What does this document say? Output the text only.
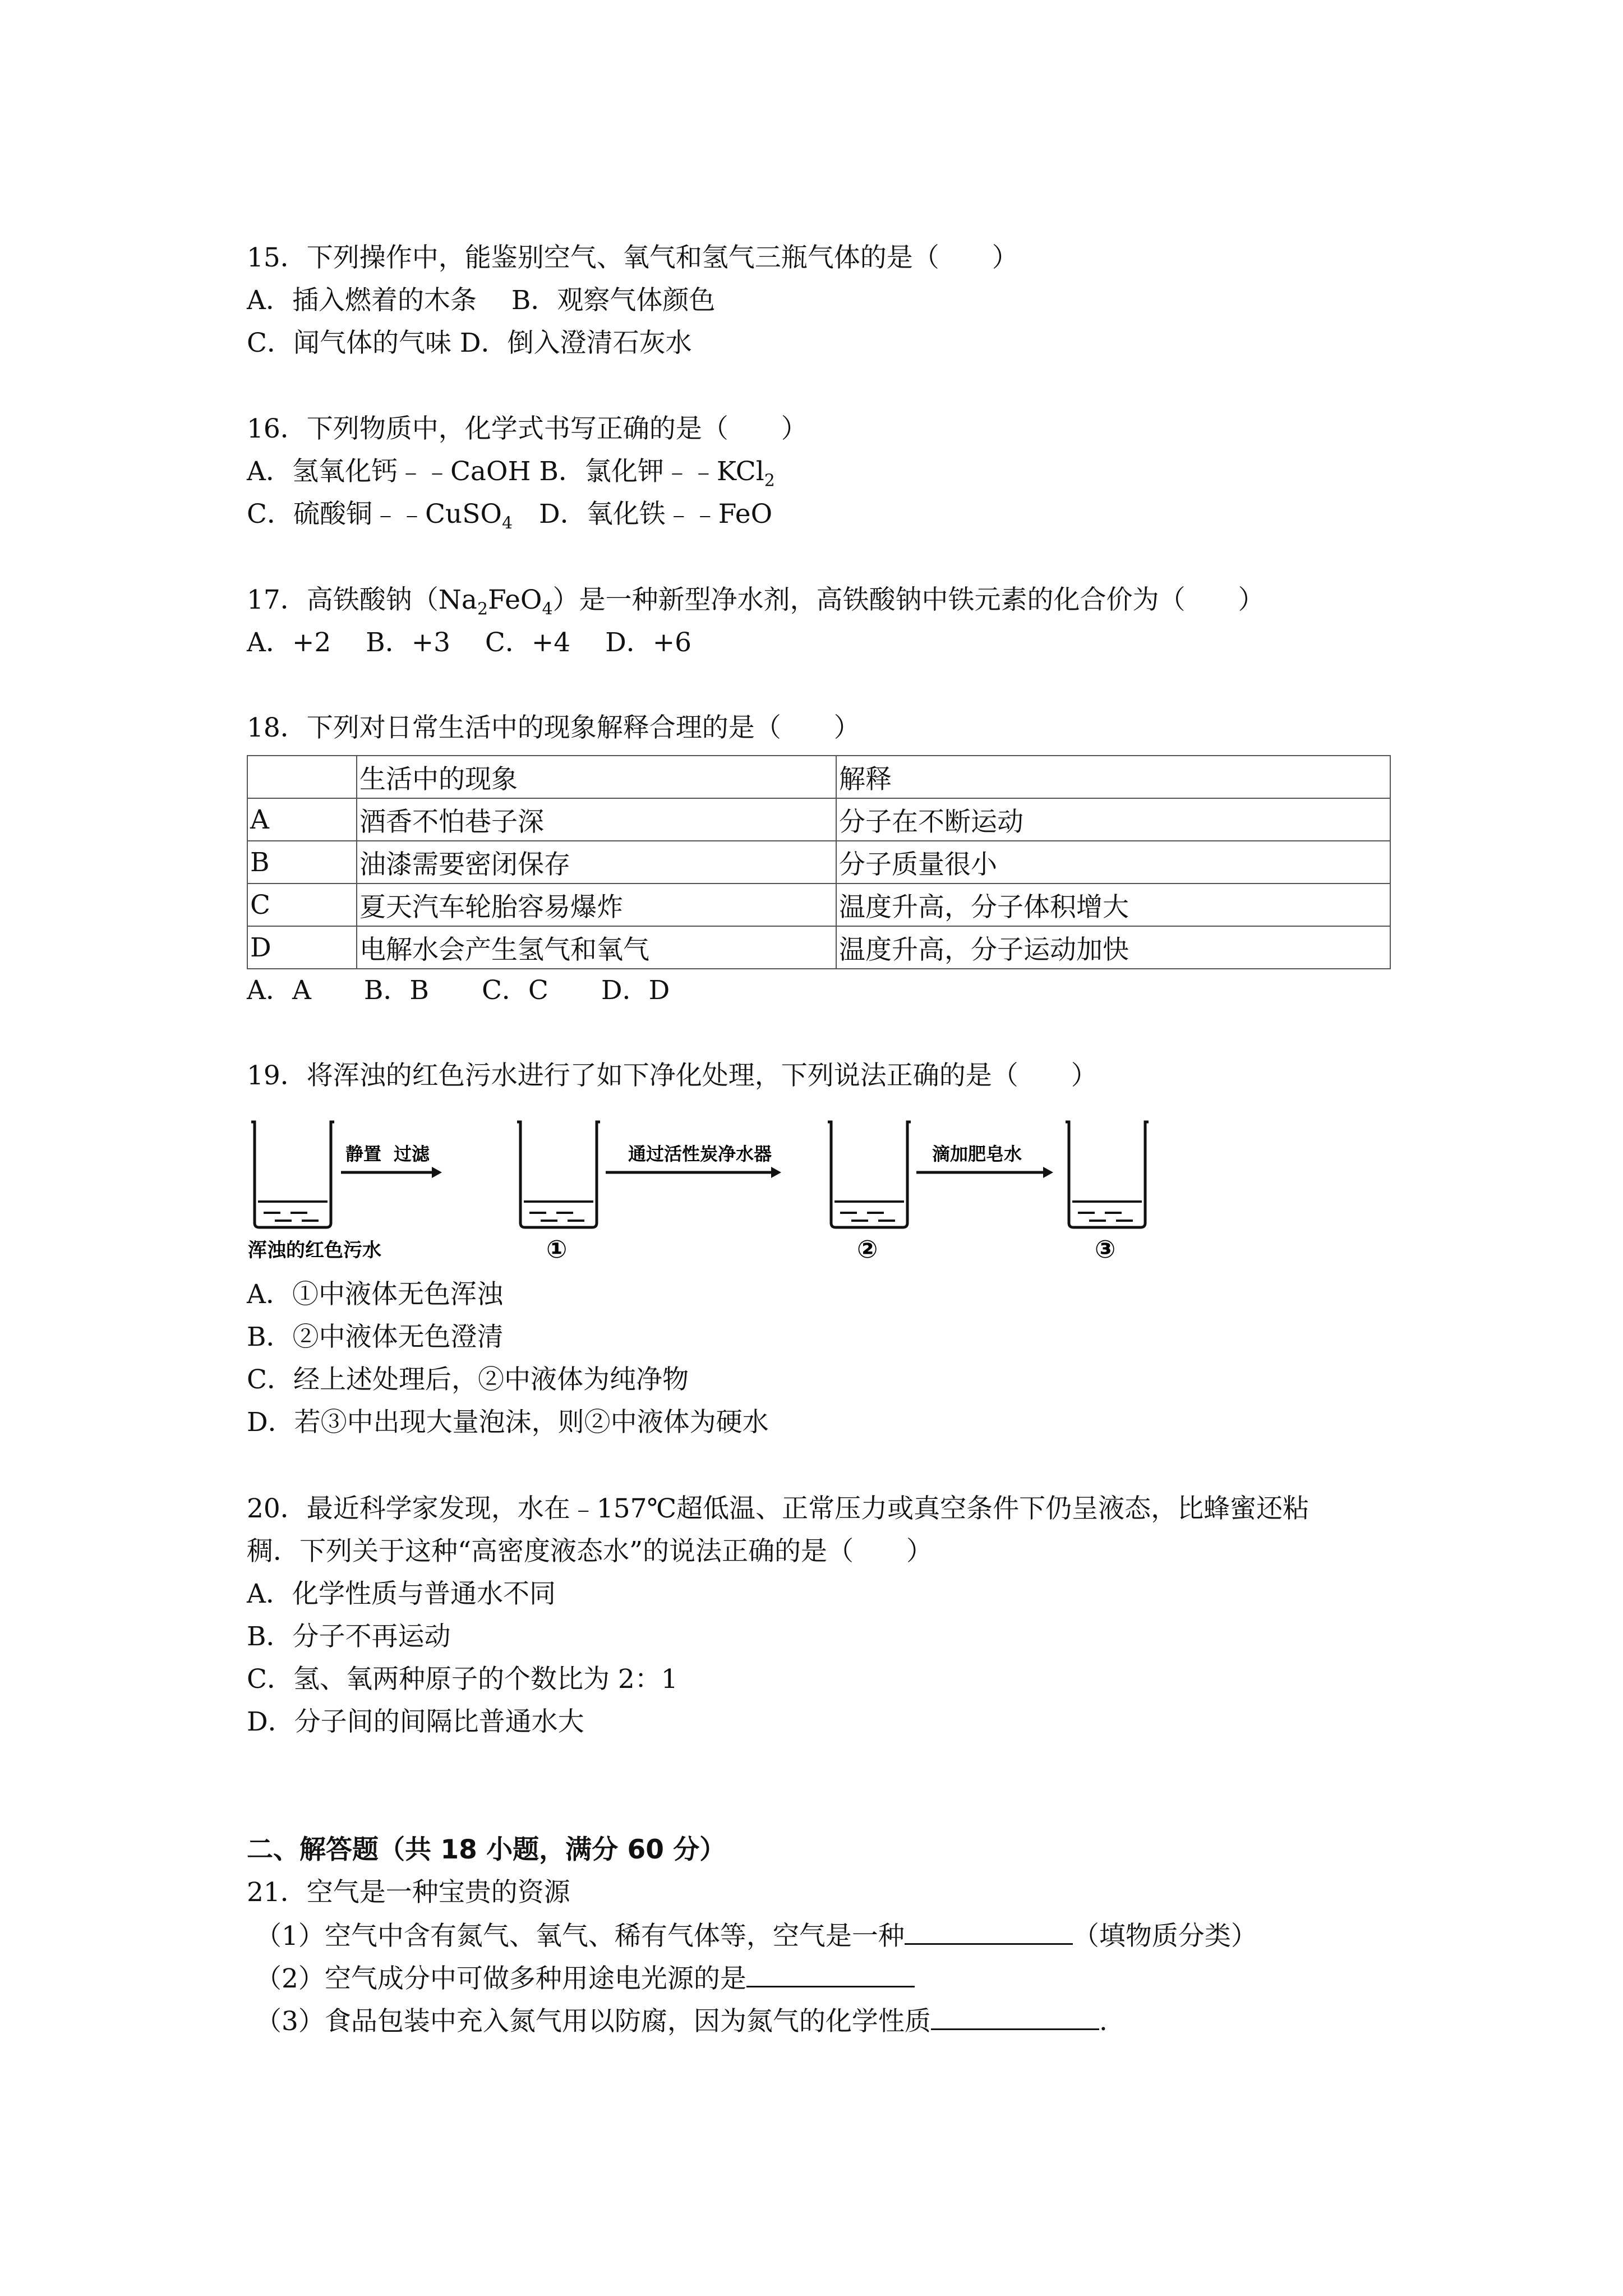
15．下列操作中，能鉴别空气、氧气和氢气三瓶气体的是（　　）
A．插入燃着的木条　 B．观察气体颜色
C．闻气体的气味 D．倒入澄清石灰水
16．下列物质中，化学式书写正确的是（　　）
A．氢氧化钙﹣﹣CaOH B．氯化钾﹣﹣KCl$_2$
C．硫酸铜﹣﹣CuSO$_4$　D．氧化铁﹣﹣FeO
17．高铁酸钠$(Na_2FeO_4)$是一种新型净水剂，高铁酸钠中铁元素的化合价为（　　）
A．+2　 B．+3　 C．+4　 D．+6
18．下列对日常生活中的现象解释合理的是（　　）
	生活中的现象	解释
A	酒香不怕巷子深	分子在不断运动
B	油漆需要密闭保存	分子质量很小
C	夏天汽车轮胎容易爆炸	温度升高，分子体积增大
D	电解水会产生氢气和氧气	温度升高，分子运动加快
A．A　　B．B　　C．C　　D．D
19．将浑浊的红色污水进行了如下净化处理，下列说法正确的是（　　）
静置 过滤	通过活性炭净水器	滴加肥皂水
浑浊的红色污水	①	②	③
A．①中液体无色浑浊
B．②中液体无色澄清
C．经上述处理后，②中液体为纯净物
D．若③中出现大量泡沫，则②中液体为硬水
20．最近科学家发现，水在﹣157℃超低温、正常压力或真空条件下仍呈液态，比蜂蜜还粘
稠．下列关于这种“高密度液态水”的说法正确的是（　　）
A．化学性质与普通水不同
B．分子不再运动
C．氢、氧两种原子的个数比为 2：1
D．分子间的间隔比普通水大
二、解答题（共 18 小题，满分 60 分）
21．空气是一种宝贵的资源
（1）空气中含有氮气、氧气、稀有气体等，空气是一种	（填物质分类）
（2）空气成分中可做多种用途电光源的是
（3）食品包装中充入氮气用以防腐，因为氮气的化学性质	.
